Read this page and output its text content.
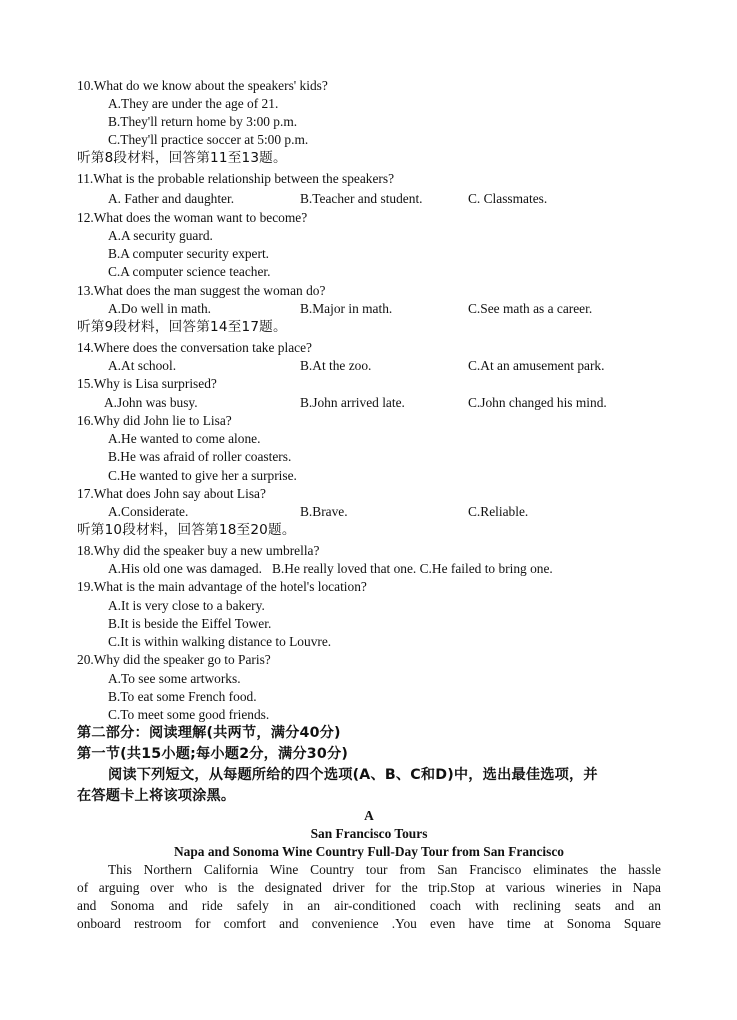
10.What do we know about the speakers' kids?
A.They are under the age of 21.
B.They'll return home by 3:00 p.m.
C.They'll practice soccer at 5:00 p.m.
听第8段材料，回答第11至13题。
11.What is the probable relationship between the speakers?
A. Father and daughter.	B.Teacher and student.	C. Classmates.
12.What does the woman want to become?
A.A security guard.
B.A computer security expert.
C.A computer science teacher.
13.What does the man suggest the woman do?
A.Do well in math.	B.Major in math.	C.See math as a career.
听第9段材料，回答第14至17题。
14.Where does the conversation take place?
A.At school.	B.At the zoo.	C.At an amusement park.
15.Why is Lisa surprised?
A.John was busy.	B.John arrived late.	C.John changed his mind.
16.Why did John lie to Lisa?
A.He wanted to come alone.
B.He was afraid of roller coasters.
C.He wanted to give her a surprise.
17.What does John say about Lisa?
A.Considerate.	B.Brave.	C.Reliable.
听第10段材料，回答第18至20题。
18.Why did the speaker buy a new umbrella?
A.His old one was damaged.   B.He really loved that one. C.He failed to bring one.
19.What is the main advantage of the hotel's location?
A.It is very close to a bakery.
B.It is beside the Eiffel Tower.
C.It is within walking distance to Louvre.
20.Why did the speaker go to Paris?
A.To see some artworks.
B.To eat some French food.
C.To meet some good friends.
第二部分：阅读理解(共两节，满分40分)
第一节(共15小题;每小题2分，满分30分)
阅读下列短文，从每题所给的四个选项(A、B、C和D)中，选出最佳选项，并
在答题卡上将该项涂黑。
A
San Francisco Tours
Napa and Sonoma Wine Country Full-Day Tour from San Francisco
This Northern California Wine Country tour from San Francisco eliminates the hassle
of arguing over who is the designated driver for the trip.Stop at various wineries in Napa
and Sonoma and ride safely in an air-conditioned coach with reclining seats and an
onboard restroom for comfort and convenience .You even have time at Sonoma Square
